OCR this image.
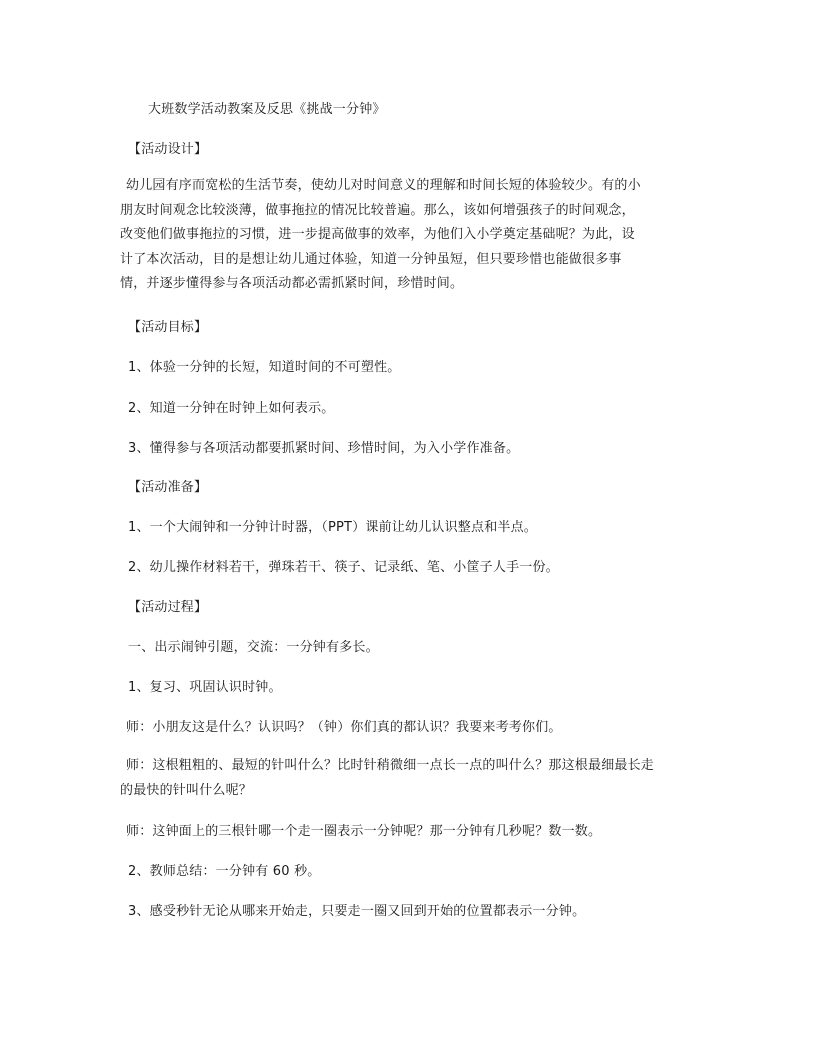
大班数学活动教案及反思《挑战一分钟》
【活动设计】
幼儿园有序而宽松的生活节奏，使幼儿对时间意义的理解和时间长短的体验较少。有的小朋友时间观念比较淡薄，做事拖拉的情况比较普遍。那么，该如何增强孩子的时间观念，改变他们做事拖拉的习惯，进一步提高做事的效率，为他们入小学奠定基础呢？为此，设计了本次活动，目的是想让幼儿通过体验，知道一分钟虽短，但只要珍惜也能做很多事情，并逐步懂得参与各项活动都必需抓紧时间，珍惜时间。
【活动目标】
1、体验一分钟的长短，知道时间的不可塑性。
2、知道一分钟在时钟上如何表示。
3、懂得参与各项活动都要抓紧时间、珍惜时间，为入小学作准备。
【活动准备】
1、一个大闹钟和一分钟计时器，（PPT）课前让幼儿认识整点和半点。
2、幼儿操作材料若干，弹珠若干、筷子、记录纸、笔、小筐子人手一份。
【活动过程】
一、出示闹钟引题，交流：一分钟有多长。
1、复习、巩固认识时钟。
师：小朋友这是什么？认识吗？（钟）你们真的都认识？我要来考考你们。
师：这根粗粗的、最短的针叫什么？比时针稍微细一点长一点的叫什么？那这根最细最长走的最快的针叫什么呢？
师：这钟面上的三根针哪一个走一圈表示一分钟呢？那一分钟有几秒呢？数一数。
2、教师总结：一分钟有 60 秒。
3、感受秒针无论从哪来开始走，只要走一圈又回到开始的位置都表示一分钟。
